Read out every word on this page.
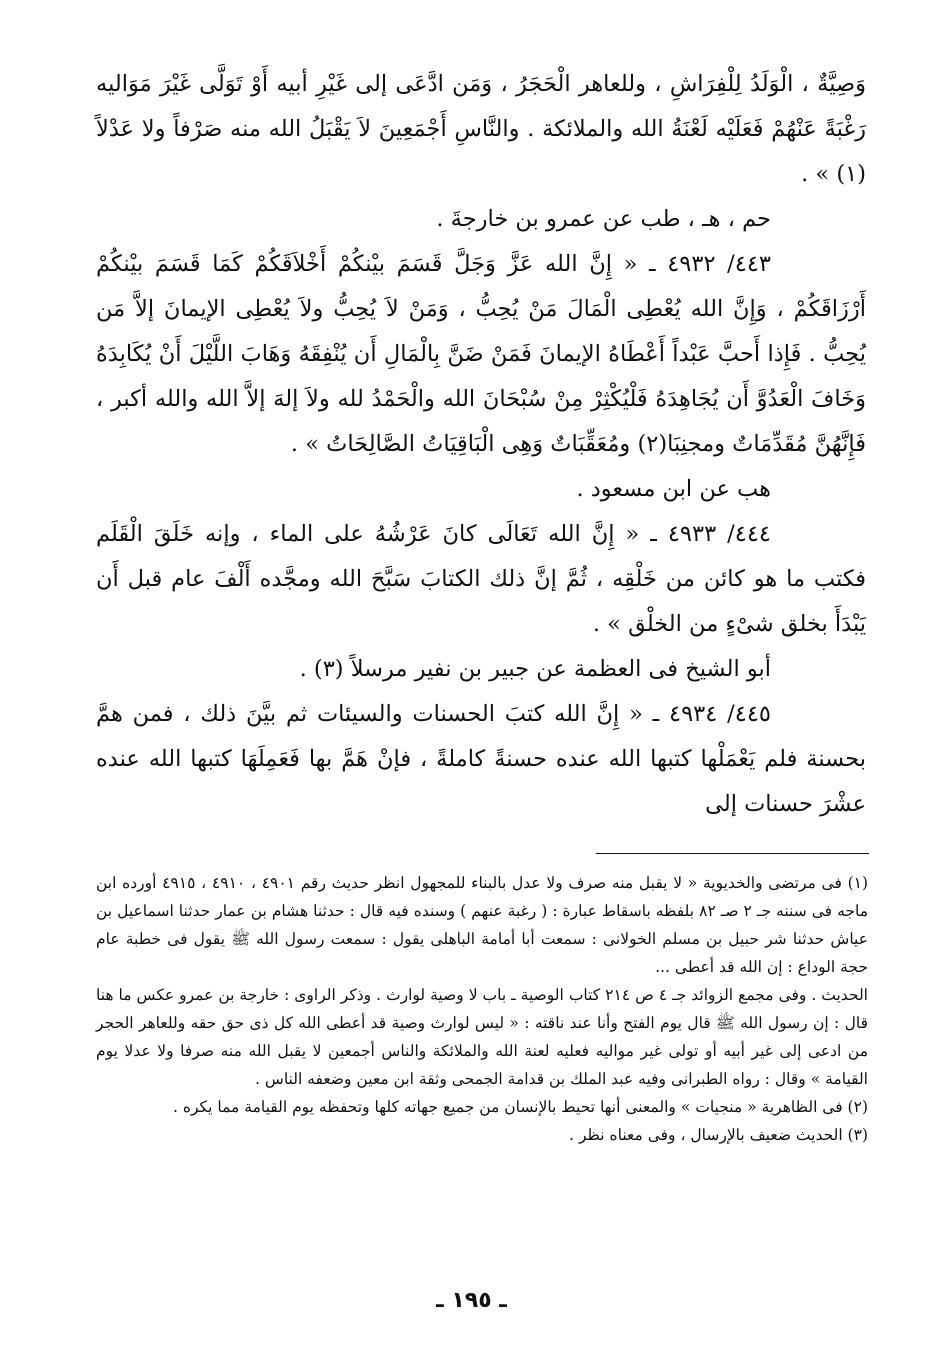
وَصِيَّةٌ ، الْوَلَدُ لِلْفِرَاشِ ، وللعاهر الْحَجَرُ ، وَمَن ادَّعَى إلى غَيْرِ أبيه أَوْ تَوَلَّى غَيْرَ مَوَاليه رَغْبَةً عَنْهُمْ فَعَلَيْه لَعْنَةُ الله والملائكة . والنَّاسِ أَجْمَعِينَ لاَ يَقْبَلُ الله منه صَرْفاً ولا عَدْلاً (١) » .

حم ، هـ ، طب عن عمرو بن خارجةَ .

٤٤٣/ ٤٩٣٢ ـ « إِنَّ الله عَزَّ وَجَلَّ قَسَمَ بيْنكُمْ أَخْلاَقَكُمْ كَمَا قَسَمَ بيْنكُمْ أَرْزَاقَكُمْ ، وَإِنَّ الله يُعْطِى الْمَالَ مَنْ يُحِبُّ ، وَمَنْ لاَ يُحِبُّ ولاَ يُعْطِى الإيمانَ إلاَّ مَن يُحِبُّ . فَإِذا أَحبَّ عَبْداً أَعْطَاهُ الإيمانَ فَمَنْ ضَنَّ بِالْمَالِ أَن يُنْفِقَهُ وَهَابَ اللَّيْلَ أَنْ يُكَابِدَهُ وَخَافَ الْعَدُوَّ أَن يُجَاهِدَهُ فَلْيُكْثِرْ مِنْ سُبْحَانَ الله والْحَمْدُ لله ولاَ إلهَ إلاَّ الله والله أكبر ، فَإِنَّهُنَّ مُقَدِّمَاتٌ ومجنِبَا(٢) ومُعَقِّبَاتٌ وَهِى الْبَاقِيَاتُ الصَّالِحَاتُ » .

هب عن ابن مسعود .

٤٤٤/ ٤٩٣٣ ـ « إِنَّ الله تَعَالَى كانَ عَرْشُهُ على الماء ، وإنه خَلَقَ الْقَلَم فكتب ما هو كائن من خَلْقِه ، ثُمَّ إنَّ ذلك الكتابَ سَبَّحَ الله ومجَّده أَلْفَ عام قبل أَن يَبْدَأَ بخلق شىْءٍ من الخلْق » .

أبو الشيخ فى العظمة عن جبير بن نفير مرسلاً (٣) .

٤٤٥/ ٤٩٣٤ ـ « إِنَّ الله كتبَ الحسنات والسيئات ثم بيَّنَ ذلك ، فمن همَّ بحسنة فلم يَعْمَلْها كتبها الله عنده حسنةً كاملةً ، فإنْ هَمَّ بها فَعَمِلَهَا كتبها الله عنده عشْرَ حسنات إلى

(١) فى مرتضى والخديوية « لا يقبل منه صرف ولا عدل بالبناء للمجهول انظر حديث رقم ٤٩٠١ ، ٤٩١٠ ، ٤٩١٥ أورده ابن ماجه فى سننه جـ ٢ صـ ٨٢ بلفظه باسقاط عبارة : ( رغبة عنهم ) وسنده فيه قال : حدثنا هشام بن عمار حدثنا اسماعيل بن عياش حدثنا شر حبيل بن مسلم الخولانى : سمعت أبا أمامة الباهلى يقول : سمعت رسول الله ﷺ يقول فى خطبة عام حجة الوداع : إن الله قد أعطى ...

الحديث . وفى مجمع الزوائد جـ ٤ ص ٢١٤ كتاب الوصية ـ باب لا وصية لوارث . وذكر الراوى : خارجة بن عمرو عكس ما هنا قال : إن رسول الله ﷺ قال يوم الفتح وأنا عند ناقته : « ليس لوارث وصية قد أعطى الله كل ذى حق حقه وللعاهر الحجر من ادعى إلى غير أبيه أو تولى غير مواليه فعليه لعنة الله والملائكة والناس أجمعين لا يقبل الله منه صرفا ولا عدلا يوم القيامة » وقال : رواه الطبرانى وفيه عبد الملك بن قدامة الجمحى وثقة ابن معين وضعفه الناس .

(٢) فى الظاهرية « منجيات » والمعنى أنها تحيط بالإنسان من جميع جهاته كلها وتحفظه يوم القيامة مما يكره .

(٣) الحديث ضعيف بالإرسال ، وفى معناه نظر .

ـ ١٩٥ ـ
